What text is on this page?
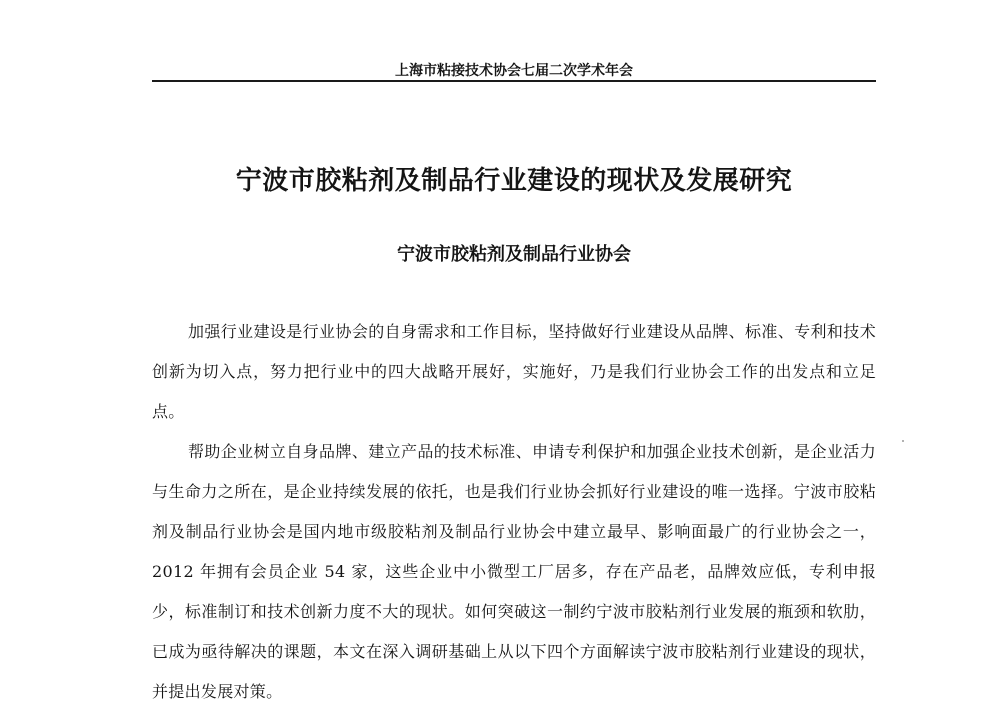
上海市粘接技术协会七届二次学术年会
宁波市胶粘剂及制品行业建设的现状及发展研究
宁波市胶粘剂及制品行业协会

加强行业建设是行业协会的自身需求和工作目标，坚持做好行业建设从品牌、标准、专利和技术创新为切入点，努力把行业中的四大战略开展好，实施好，乃是我们行业协会工作的出发点和立足点。

帮助企业树立自身品牌、建立产品的技术标准、申请专利保护和加强企业技术创新，是企业活力与生命力之所在，是企业持续发展的依托，也是我们行业协会抓好行业建设的唯一选择。宁波市胶粘剂及制品行业协会是国内地市级胶粘剂及制品行业协会中建立最早、影响面最广的行业协会之一，2012 年拥有会员企业 54 家，这些企业中小微型工厂居多，存在产品老，品牌效应低，专利申报少，标准制订和技术创新力度不大的现状。如何突破这一制约宁波市胶粘剂行业发展的瓶颈和软肋，已成为亟待解决的课题，本文在深入调研基础上从以下四个方面解读宁波市胶粘剂行业建设的现状，并提出发展对策。
